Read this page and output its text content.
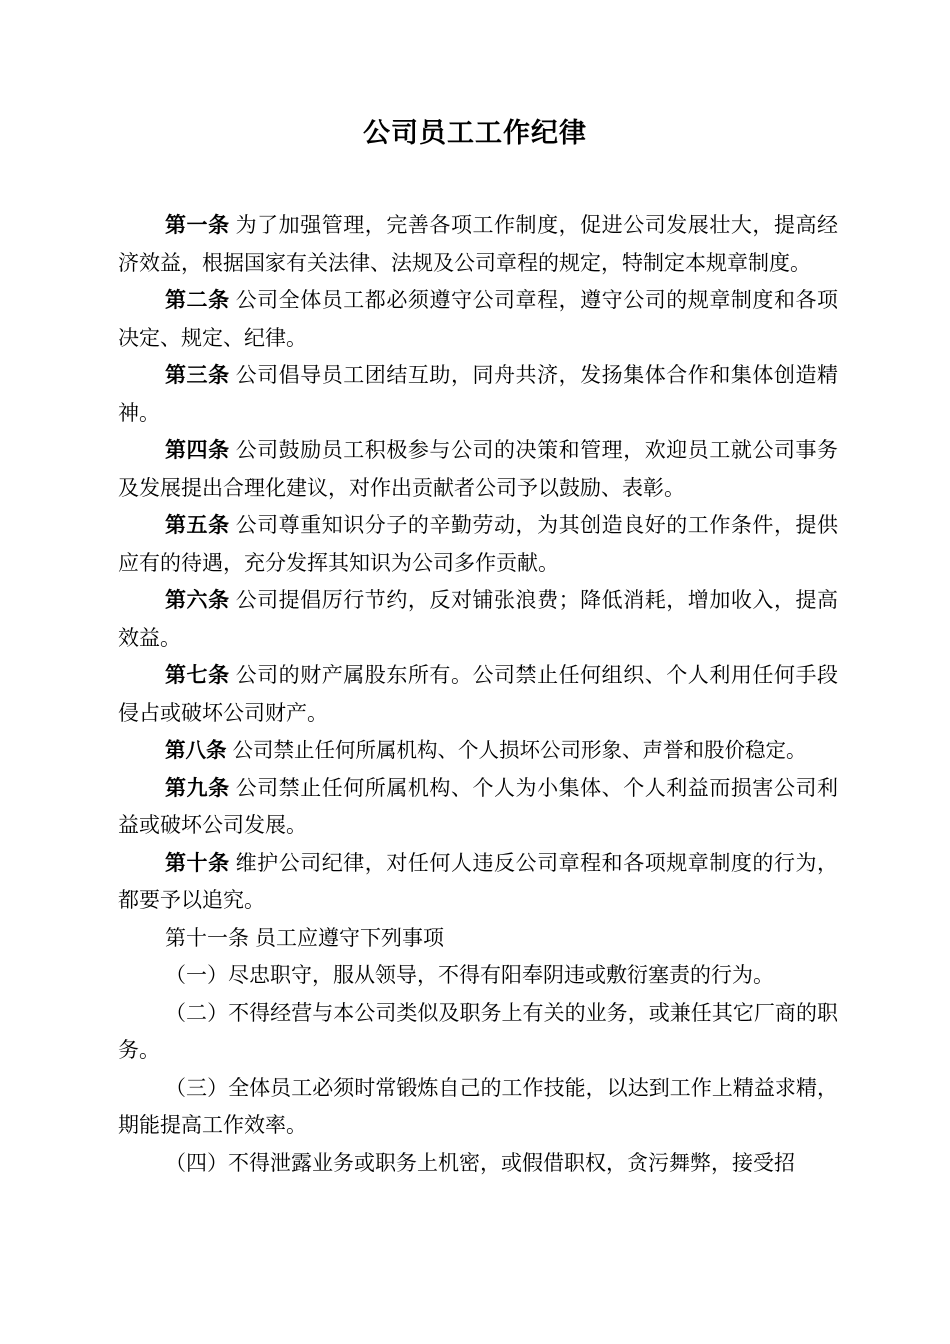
公司员工工作纪律

第一条 为了加强管理，完善各项工作制度，促进公司发展壮大，提高经济效益，根据国家有关法律、法规及公司章程的规定，特制定本规章制度。

第二条 公司全体员工都必须遵守公司章程，遵守公司的规章制度和各项决定、规定、纪律。

第三条 公司倡导员工团结互助，同舟共济，发扬集体合作和集体创造精神。

第四条 公司鼓励员工积极参与公司的决策和管理，欢迎员工就公司事务及发展提出合理化建议，对作出贡献者公司予以鼓励、表彰。

第五条 公司尊重知识分子的辛勤劳动，为其创造良好的工作条件，提供应有的待遇，充分发挥其知识为公司多作贡献。

第六条 公司提倡厉行节约，反对铺张浪费；降低消耗，增加收入，提高效益。

第七条 公司的财产属股东所有。公司禁止任何组织、个人利用任何手段侵占或破坏公司财产。

第八条 公司禁止任何所属机构、个人损坏公司形象、声誉和股价稳定。

第九条 公司禁止任何所属机构、个人为小集体、个人利益而损害公司利益或破坏公司发展。

第十条 维护公司纪律，对任何人违反公司章程和各项规章制度的行为，都要予以追究。

第十一条 员工应遵守下列事项

（一）尽忠职守，服从领导，不得有阳奉阴违或敷衍塞责的行为。

（二）不得经营与本公司类似及职务上有关的业务，或兼任其它厂商的职务。

（三）全体员工必须时常锻炼自己的工作技能，以达到工作上精益求精，期能提高工作效率。

（四）不得泄露业务或职务上机密，或假借职权，贪污舞弊，接受招
